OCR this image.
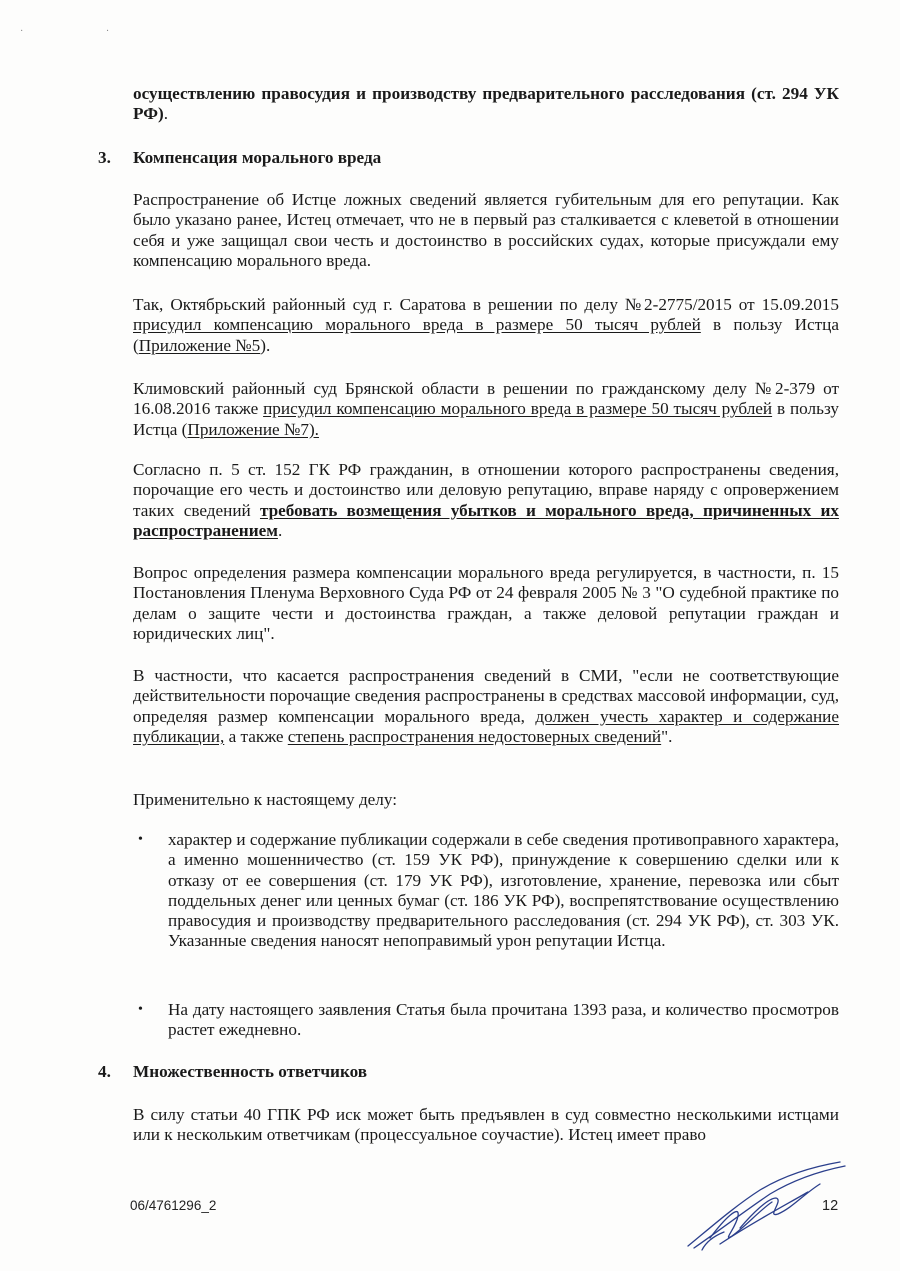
· ·
осуществлению правосудия и производству предварительного расследования (ст. 294 УК РФ).
3. Компенсация морального вреда
Распространение об Истце ложных сведений является губительным для его репутации. Как было указано ранее, Истец отмечает, что не в первый раз сталкивается с клеветой в отношении себя и уже защищал свои честь и достоинство в российских судах, которые присуждали ему компенсацию морального вреда.
Так, Октябрьский районный суд г. Саратова в решении по делу №2-2775/2015 от 15.09.2015 присудил компенсацию морального вреда в размере 50 тысяч рублей в пользу Истца (Приложение №5).
Климовский районный суд Брянской области в решении по гражданскому делу №2-379 от 16.08.2016 также присудил компенсацию морального вреда в размере 50 тысяч рублей в пользу Истца (Приложение №7).
Согласно п. 5 ст. 152 ГК РФ гражданин, в отношении которого распространены сведения, порочащие его честь и достоинство или деловую репутацию, вправе наряду с опровержением таких сведений требовать возмещения убытков и морального вреда, причиненных их распространением.
Вопрос определения размера компенсации морального вреда регулируется, в частности, п. 15 Постановления Пленума Верховного Суда РФ от 24 февраля 2005 № 3 "О судебной практике по делам о защите чести и достоинства граждан, а также деловой репутации граждан и юридических лиц".
В частности, что касается распространения сведений в СМИ, "если не соответствующие действительности порочащие сведения распространены в средствах массовой информации, суд, определяя размер компенсации морального вреда, должен учесть характер и содержание публикации, а также степень распространения недостоверных сведений".
Применительно к настоящему делу:
• характер и содержание публикации содержали в себе сведения противоправного характера, а именно мошенничество (ст. 159 УК РФ), принуждение к совершению сделки или к отказу от ее совершения (ст. 179 УК РФ), изготовление, хранение, перевозка или сбыт поддельных денег или ценных бумаг (ст. 186 УК РФ), воспрепятствование осуществлению правосудия и производству предварительного расследования (ст. 294 УК РФ), ст. 303 УК. Указанные сведения наносят непоправимый урон репутации Истца.
• На дату настоящего заявления Статья была прочитана 1393 раза, и количество просмотров растет ежедневно.
4. Множественность ответчиков
В силу статьи 40 ГПК РФ иск может быть предъявлен в суд совместно несколькими истцами или к нескольким ответчикам (процессуальное соучастие). Истец имеет право
06/4761296_2	12
